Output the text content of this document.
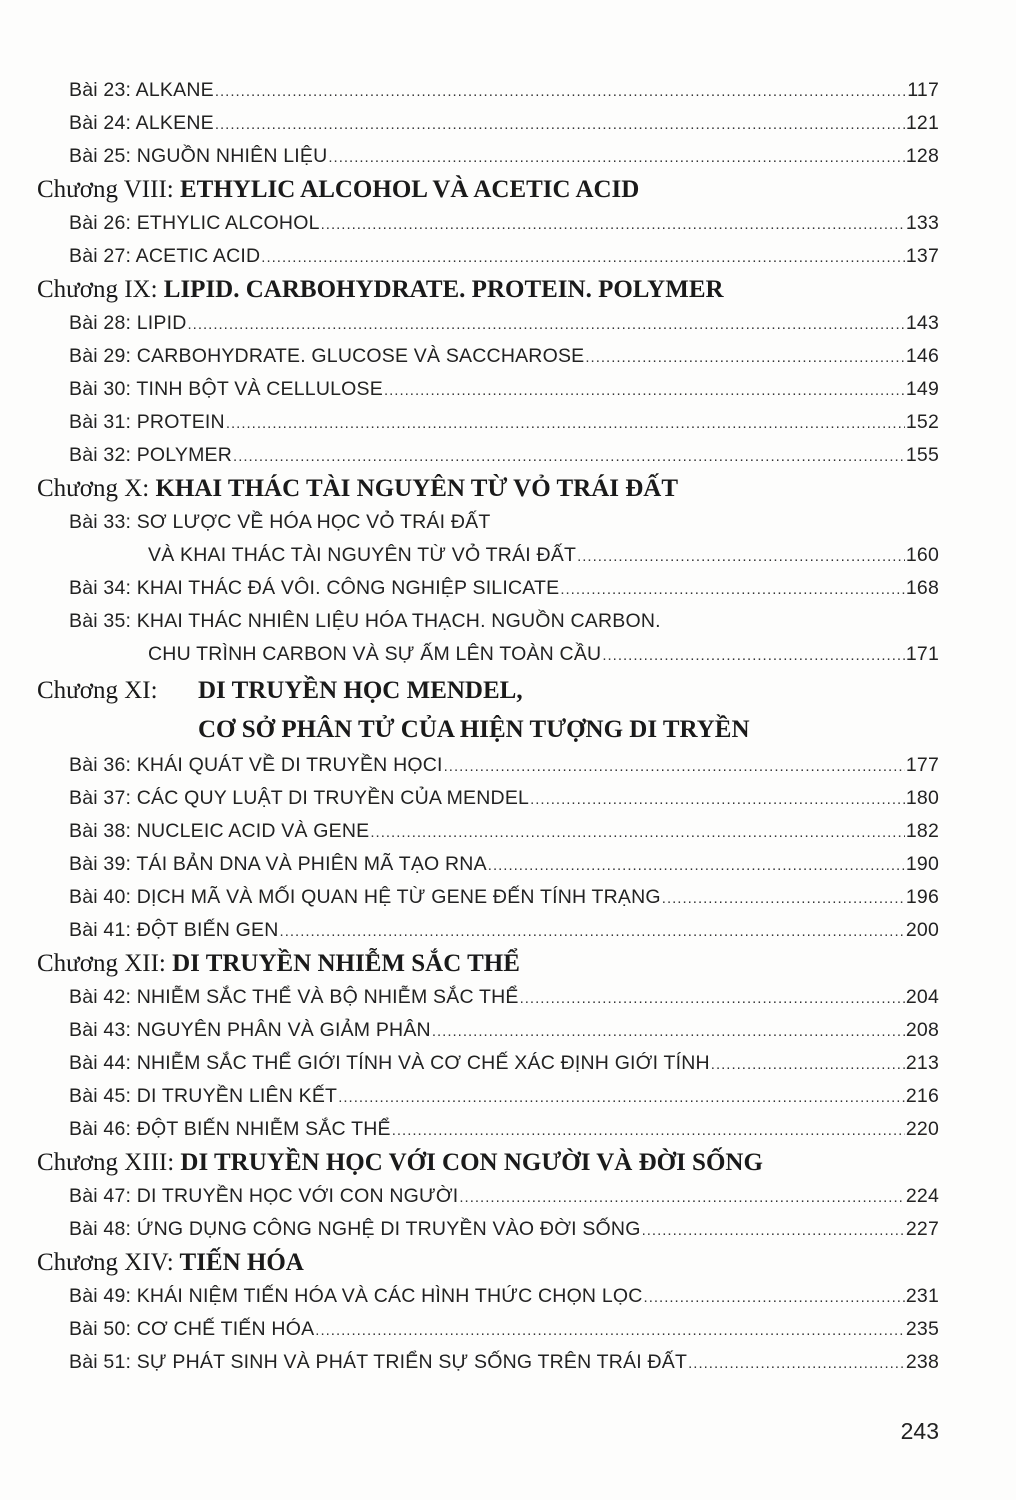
Bài 23: ALKANE .....	117
Bài 24: ALKENE .....	121
Bài 25: NGUỒN NHIÊN LIỆU .....	128
Chương VIII: ETHYLIC ALCOHOL VÀ ACETIC ACID
Bài 26: ETHYLIC ALCOHOL .....	133
Bài 27: ACETIC ACID .....	137
Chương IX: LIPID. CARBOHYDRATE. PROTEIN. POLYMER
Bài 28: LIPID .....	143
Bài 29: CARBOHYDRATE. GLUCOSE VÀ SACCHAROSE .....	146
Bài 30: TINH BỘT VÀ CELLULOSE .....	149
Bài 31: PROTEIN .....	152
Bài 32: POLYMER .....	155
Chương X: KHAI THÁC TÀI NGUYÊN TỪ VỎ TRÁI ĐẤT
Bài 33: SƠ LƯỢC VỀ HÓA HỌC VỎ TRÁI ĐẤT
VÀ KHAI THÁC TÀI NGUYÊN TỪ VỎ TRÁI ĐẤT .....	160
Bài 34: KHAI THÁC ĐÁ VÔI. CÔNG NGHIỆP SILICATE .....	168
Bài 35: KHAI THÁC NHIÊN LIỆU HÓA THẠCH. NGUỒN CARBON.
CHU TRÌNH CARBON VÀ SỰ ẤM LÊN TOÀN CẦU .....	171
Chương XI:	DI TRUYỀN HỌC MENDEL,
CƠ SỞ PHÂN TỬ CỦA HIỆN TƯỢNG DI TRYỀN
Bài 36: KHÁI QUÁT VỀ DI TRUYỀN HỌCI .....	177
Bài 37: CÁC QUY LUẬT DI TRUYỀN CỦA MENDEL .....	180
Bài 38: NUCLEIC ACID VÀ GENE .....	182
Bài 39: TÁI BẢN DNA VÀ PHIÊN MÃ TẠO RNA .....	190
Bài 40: DỊCH MÃ VÀ MỐI QUAN HỆ TỪ GENE ĐẾN TÍNH TRẠNG .....	196
Bài 41: ĐỘT BIẾN GEN .....	200
Chương XII: DI TRUYỀN NHIỄM SẮC THỂ
Bài 42: NHIỄM SẮC THỂ VÀ BỘ NHIỄM SẮC THỂ .....	204
Bài 43: NGUYÊN PHÂN VÀ GIẢM PHÂN .....	208
Bài 44: NHIỄM SẮC THỂ GIỚI TÍNH VÀ CƠ CHẾ XÁC ĐỊNH GIỚI TÍNH .....	213
Bài 45: DI TRUYỀN LIÊN KẾT .....	216
Bài 46: ĐỘT BIẾN NHIỄM SẮC THỂ .....	220
Chương XIII: DI TRUYỀN HỌC VỚI CON NGƯỜI VÀ ĐỜI SỐNG
Bài 47: DI TRUYỀN HỌC VỚI CON NGƯỜI .....	224
Bài 48: ỨNG DỤNG CÔNG NGHỆ DI TRUYỀN VÀO ĐỜI SỐNG .....	227
Chương XIV: TIẾN HÓA
Bài 49: KHÁI NIỆM TIẾN HÓA VÀ CÁC HÌNH THỨC CHỌN LỌC .....	231
Bài 50: CƠ CHẾ TIẾN HÓA .....	235
Bài 51: SỰ PHÁT SINH VÀ PHÁT TRIỂN SỰ SỐNG TRÊN TRÁI ĐẤT .....	238
243
